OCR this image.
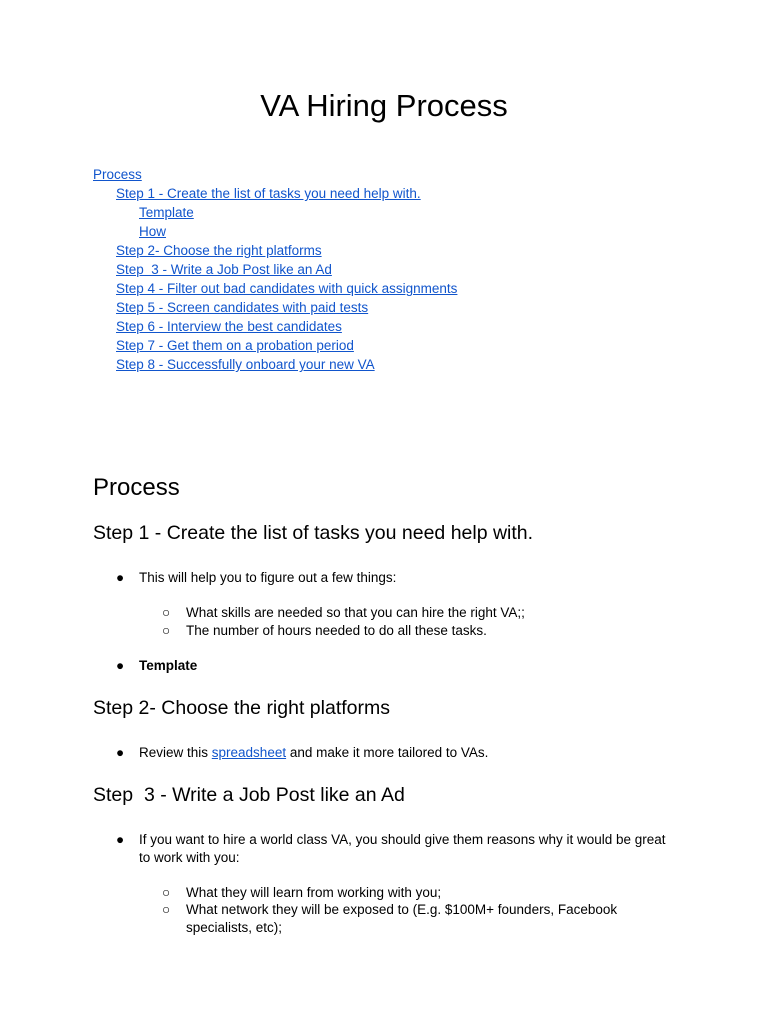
VA Hiring Process
Process
Step 1 - Create the list of tasks you need help with.
Template
How
Step 2- Choose the right platforms
Step  3 - Write a Job Post like an Ad
Step 4 - Filter out bad candidates with quick assignments
Step 5 - Screen candidates with paid tests
Step 6 - Interview the best candidates
Step 7 - Get them on a probation period
Step 8 - Successfully onboard your new VA
Process
Step 1 - Create the list of tasks you need help with.
● This will help you to figure out a few things:
○ What skills are needed so that you can hire the right VA;;
○ The number of hours needed to do all these tasks.
● Template
Step 2- Choose the right platforms
● Review this spreadsheet and make it more tailored to VAs.
Step  3 - Write a Job Post like an Ad
● If you want to hire a world class VA, you should give them reasons why it would be great to work with you:
○ What they will learn from working with you;
○ What network they will be exposed to (E.g. $100M+ founders, Facebook specialists, etc);
